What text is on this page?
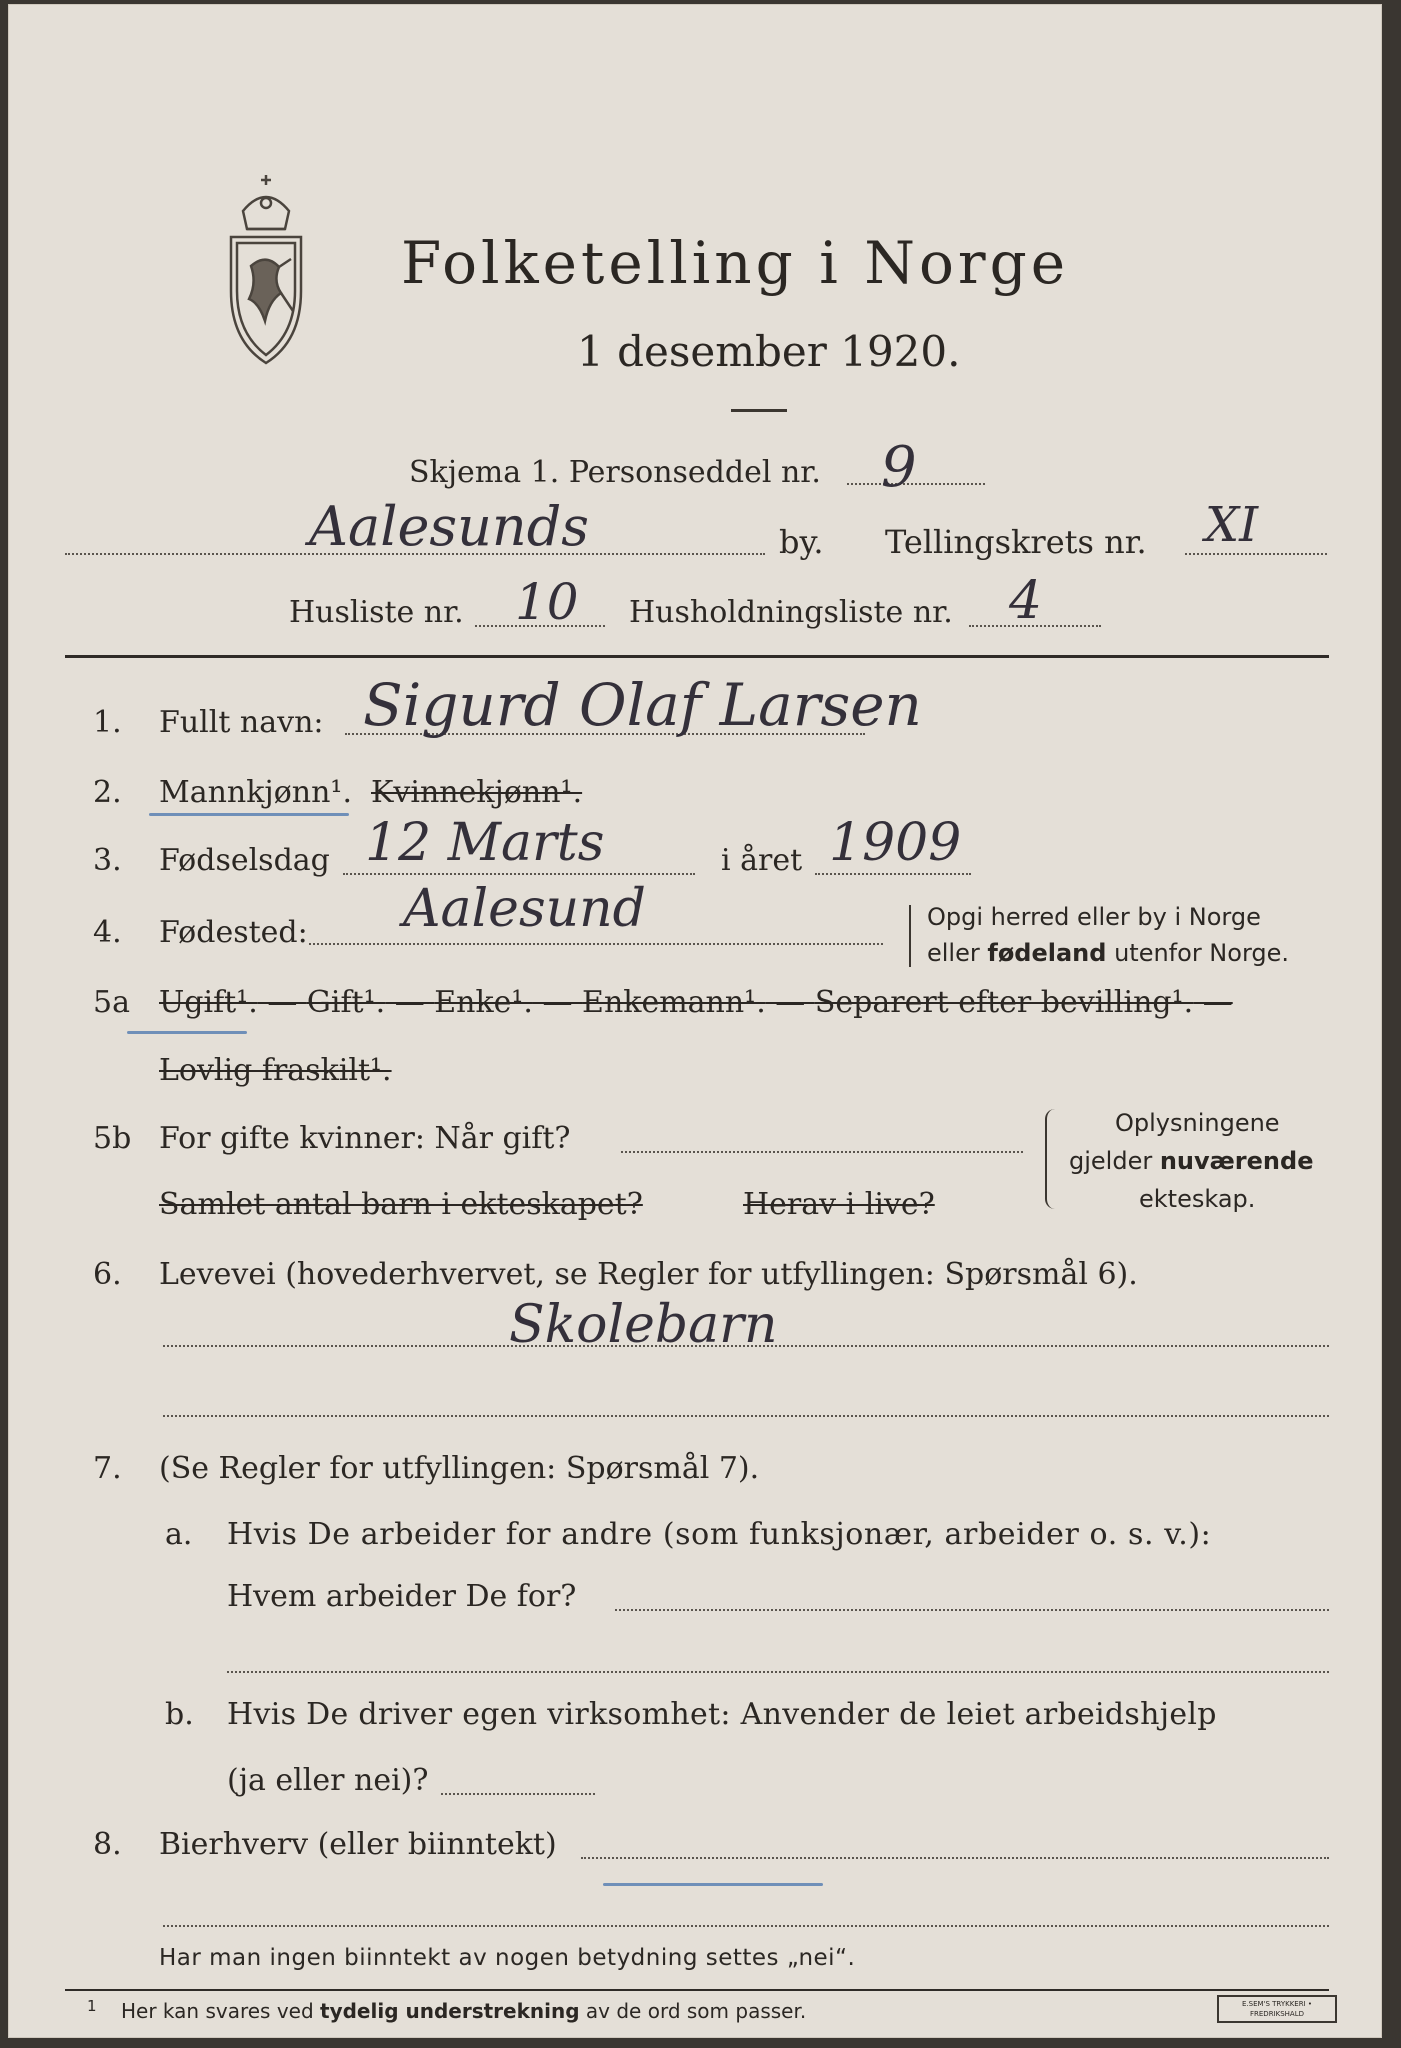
Folketelling i Norge
1 desember 1920.
Skjema 1. Personseddel nr. 9
Aalesunds	by. Tellingskrets nr. XI
Husliste nr. 10 Husholdningsliste nr. 4
1. Fullt navn: Sigurd Olaf Larsen
2. Mannkjønn¹. Kvinnekjønn¹.
3. Fødselsdag 12 Marts	i året 1909
4. Fødested: Aalesund	Opgi herred eller by i Norge
eller fødeland utenfor Norge.
5a Ugift¹. — Gift¹. — Enke¹. — Enkemann¹. — Separert efter bevilling¹. —
Lovlig fraskilt¹.
5b For gifte kvinner: Når gift?
Samlet antal barn i ekteskapet?	Herav i live?
Oplysningene
gjelder nuværende
ekteskap.
6. Levevei (hovederhvervet, se Regler for utfyllingen: Spørsmål 6).
Skolebarn
7. (Se Regler for utfyllingen: Spørsmål 7).
a. Hvis De arbeider for andre (som funksjonær, arbeider o. s. v.):
Hvem arbeider De for?
b. Hvis De driver egen virksomhet: Anvender de leiet arbeidshjelp
(ja eller nei)?
8. Bierhverv (eller biinntekt)
Har man ingen biinntekt av nogen betydning settes „nei“.
1 Her kan svares ved tydelig understrekning av de ord som passer.	E.SEM'S TRYKKERI • FREDRIKSHALD
